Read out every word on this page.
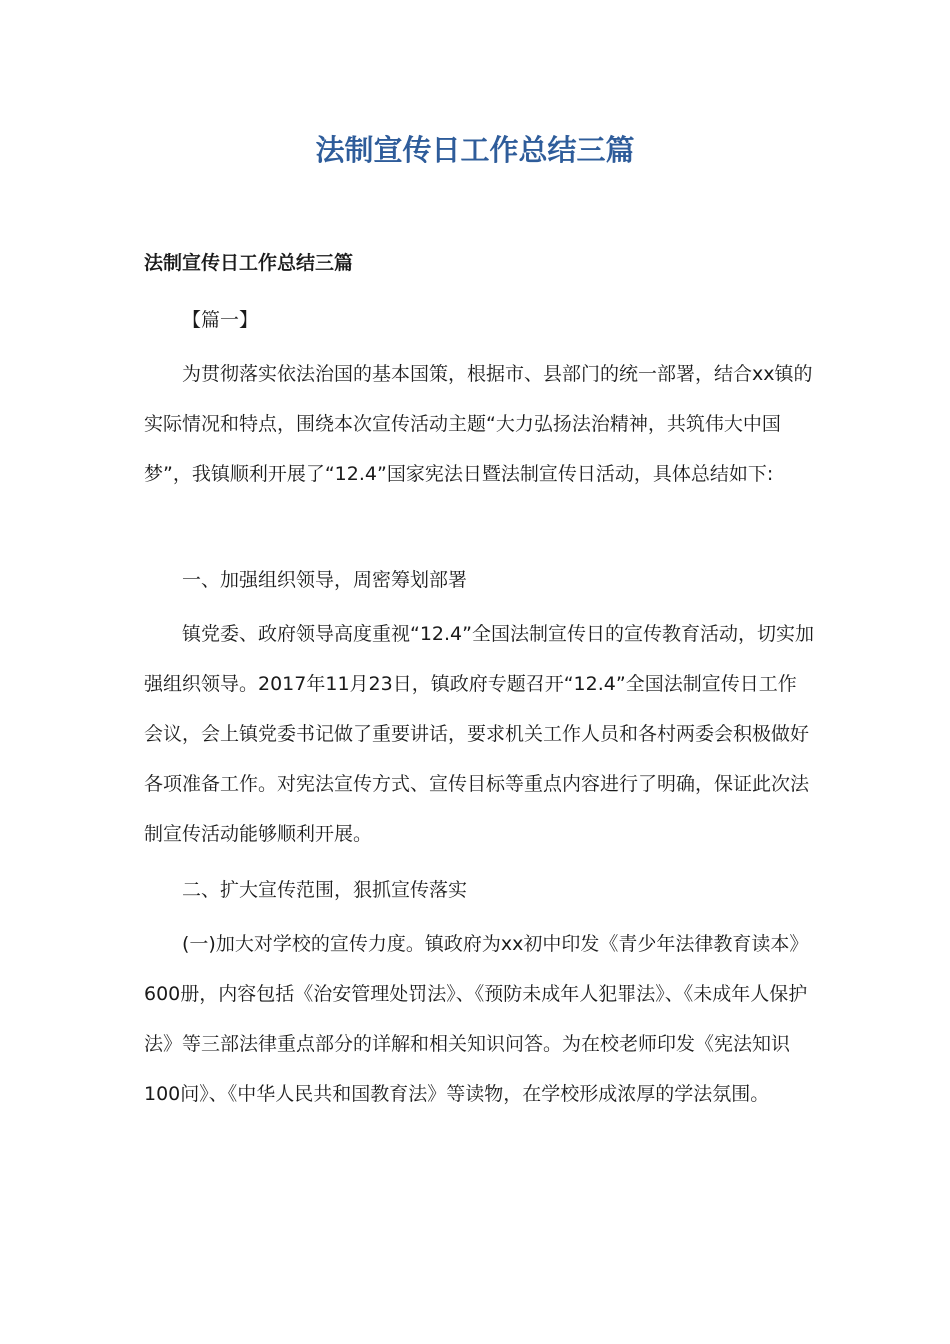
法制宣传日工作总结三篇
法制宣传日工作总结三篇

【篇一】

为贯彻落实依法治国的基本国策，根据市、县部门的统一部署，结合xx镇的实际情况和特点，围绕本次宣传活动主题“大力弘扬法治精神，共筑伟大中国梦”，我镇顺利开展了“12.4”国家宪法日暨法制宣传日活动，具体总结如下:

一、加强组织领导，周密筹划部署

镇党委、政府领导高度重视“12.4”全国法制宣传日的宣传教育活动，切实加强组织领导。2017年11月23日，镇政府专题召开“12.4”全国法制宣传日工作会议，会上镇党委书记做了重要讲话，要求机关工作人员和各村两委会积极做好各项准备工作。对宪法宣传方式、宣传目标等重点内容进行了明确，保证此次法制宣传活动能够顺利开展。

二、扩大宣传范围，狠抓宣传落实

(一)加大对学校的宣传力度。镇政府为xx初中印发《青少年法律教育读本》600册，内容包括《治安管理处罚法》、《预防未成年人犯罪法》、《未成年人保护法》等三部法律重点部分的详解和相关知识问答。为在校老师印发《宪法知识100问》、《中华人民共和国教育法》等读物，在学校形成浓厚的学法氛围。
